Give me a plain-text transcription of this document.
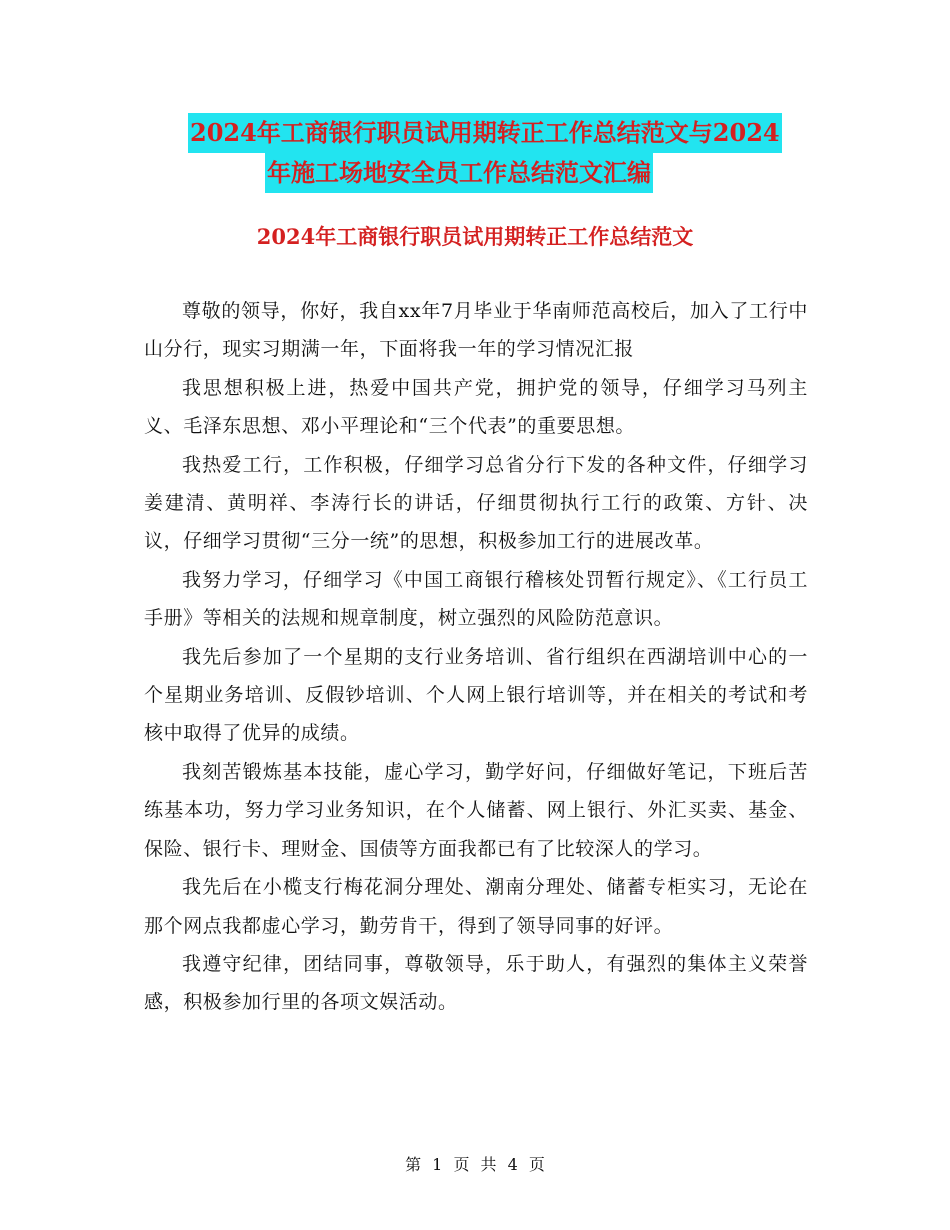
2024年工商银行职员试用期转正工作总结范文与2024
年施工场地安全员工作总结范文汇编
2024年工商银行职员试用期转正工作总结范文

尊敬的领导，你好，我自xx年7月毕业于华南师范高校后，加入了工行中山分行，现实习期满一年，下面将我一年的学习情况汇报

我思想积极上进，热爱中国共产党，拥护党的领导，仔细学习马列主义、毛泽东思想、邓小平理论和“三个代表”的重要思想。

我热爱工行，工作积极，仔细学习总省分行下发的各种文件，仔细学习姜建清、黄明祥、李涛行长的讲话，仔细贯彻执行工行的政策、方针、决议，仔细学习贯彻“三分一统”的思想，积极参加工行的进展改革。

我努力学习，仔细学习《中国工商银行稽核处罚暂行规定》、《工行员工手册》等相关的法规和规章制度，树立强烈的风险防范意识。

我先后参加了一个星期的支行业务培训、省行组织在西湖培训中心的一个星期业务培训、反假钞培训、个人网上银行培训等，并在相关的考试和考核中取得了优异的成绩。

我刻苦锻炼基本技能，虚心学习，勤学好问，仔细做好笔记，下班后苦练基本功，努力学习业务知识，在个人储蓄、网上银行、外汇买卖、基金、保险、银行卡、理财金、国债等方面我都已有了比较深人的学习。

我先后在小榄支行梅花洞分理处、潮南分理处、储蓄专柜实习，无论在那个网点我都虚心学习，勤劳肯干，得到了领导同事的好评。

我遵守纪律，团结同事，尊敬领导，乐于助人，有强烈的集体主义荣誉感，积极参加行里的各项文娱活动。

第 1 页 共 4 页
